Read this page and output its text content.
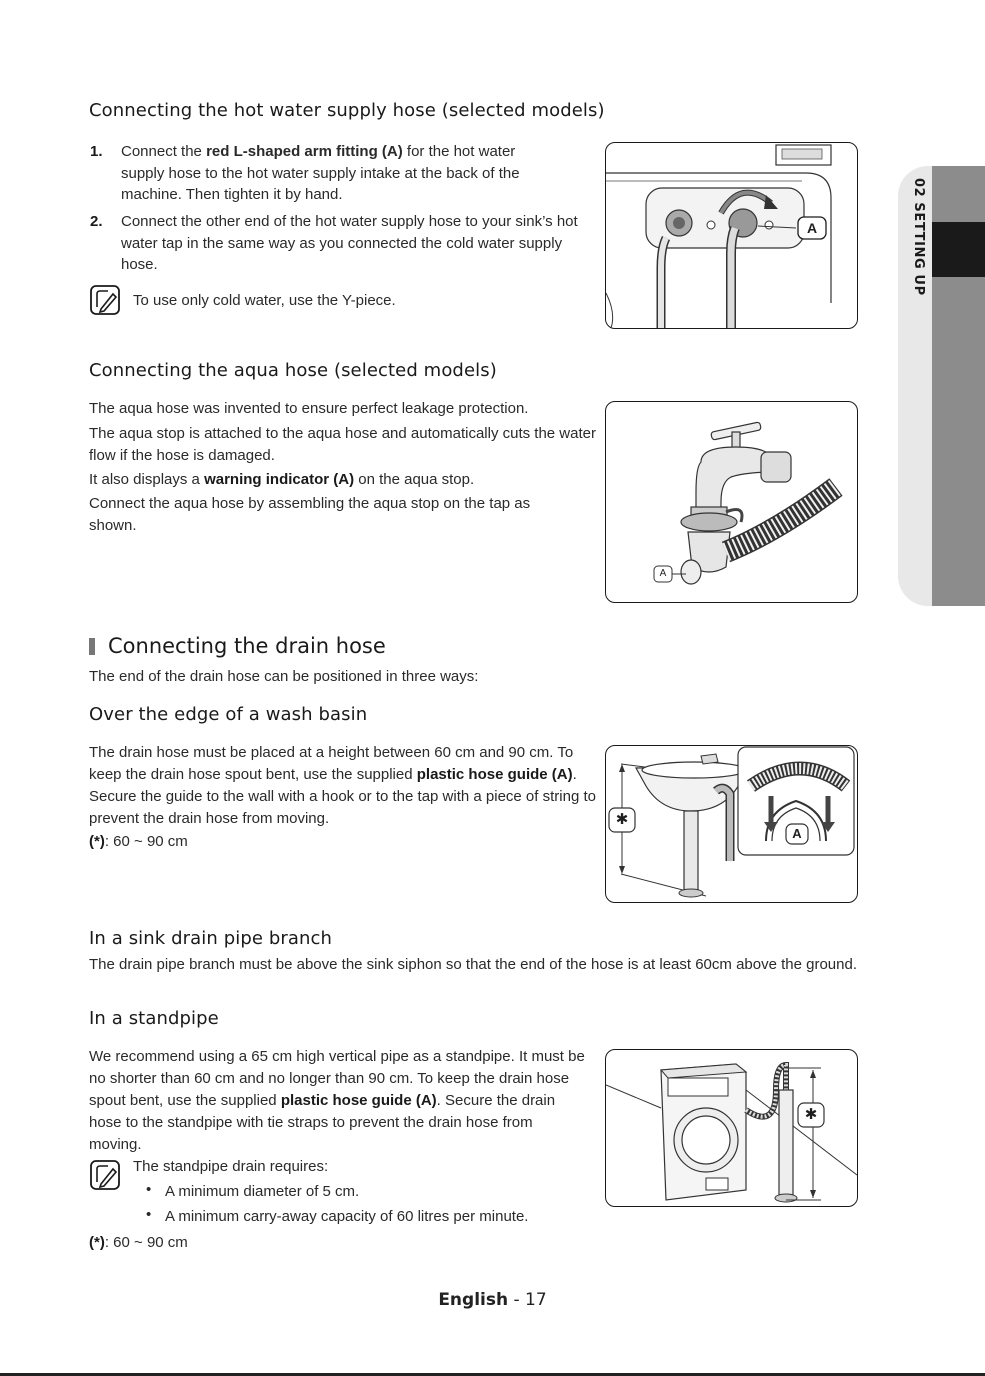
02 SETTING UP
Connecting the hot water supply hose (selected models)
1. Connect the red L-shaped arm fitting (A) for the hot water supply hose to the hot water supply intake at the back of the machine. Then tighten it by hand.
2. Connect the other end of the hot water supply hose to your sink’s hot water tap in the same way as you connected the cold water supply hose.
To use only cold water, use the Y-piece.
A
Connecting the aqua hose (selected models)
The aqua hose was invented to ensure perfect leakage protection.
The aqua stop is attached to the aqua hose and automatically cuts the water flow if the hose is damaged.
It also displays a warning indicator (A) on the aqua stop.
Connect the aqua hose by assembling the aqua stop on the tap as shown.
A
Connecting the drain hose
The end of the drain hose can be positioned in three ways:
Over the edge of a wash basin
The drain hose must be placed at a height between 60 cm and 90 cm. To keep the drain hose spout bent, use the supplied plastic hose guide (A). Secure the guide to the wall with a hook or to the tap with a piece of string to prevent the drain hose from moving.
(*): 60 ~ 90 cm
✱
A
In a sink drain pipe branch
The drain pipe branch must be above the sink siphon so that the end of the hose is at least 60cm above the ground.
In a standpipe
We recommend using a 65 cm high vertical pipe as a standpipe. It must be no shorter than 60 cm and no longer than 90 cm. To keep the drain hose spout bent, use the supplied plastic hose guide (A). Secure the drain hose to the standpipe with tie straps to prevent the drain hose from moving.
The standpipe drain requires:
• A minimum diameter of 5 cm.
• A minimum carry-away capacity of 60 litres per minute.
(*): 60 ~ 90 cm
✱
English - 17
